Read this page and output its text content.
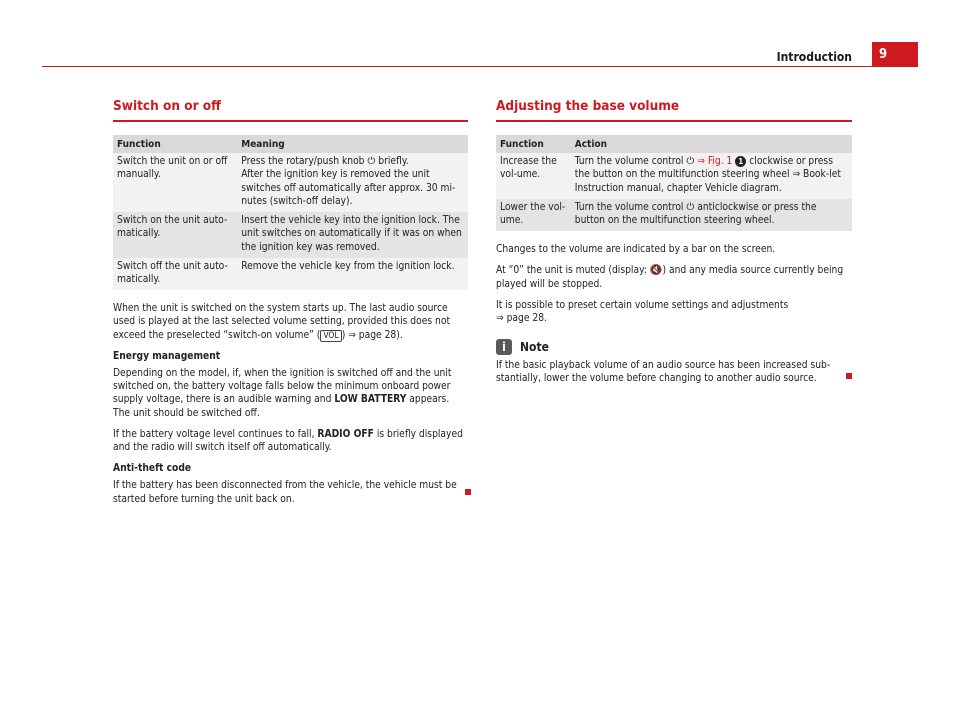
Introduction	9
Switch on or off
Function	Meaning
Switch the unit on or off manually.	Press the rotary/push knob ⏻ briefly.
After the ignition key is removed the unit switches off automatically after approx. 30 mi-nutes (switch-off delay).
Switch on the unit auto-matically.	Insert the vehicle key into the ignition lock. The unit switches on automatically if it was on when the ignition key was removed.
Switch off the unit auto-matically.	Remove the vehicle key from the ignition lock.

When the unit is switched on the system starts up. The last audio source used is played at the last selected volume setting, provided this does not exceed the preselected “switch-on volume” ( VOL ) ⇒ page 28).

Energy management

Depending on the model, if, when the ignition is switched off and the unit switched on, the battery voltage falls below the minimum onboard power supply voltage, there is an audible warning and LOW BATTERY appears. The unit should be switched off.

If the battery voltage level continues to fall, RADIO OFF is briefly displayed and the radio will switch itself off automatically.

Anti-theft code

If the battery has been disconnected from the vehicle, the vehicle must be started before turning the unit back on.

Adjusting the base volume
Function	Action
Increase the vol-ume.	Turn the volume control ⏻ ⇒ Fig. 1 1 clockwise or press the button on the multifunction steering wheel ⇒ Book-let Instruction manual, chapter Vehicle diagram.
Lower the vol-ume.	Turn the volume control ⏻ anticlockwise or press the button on the multifunction steering wheel.

Changes to the volume are indicated by a bar on the screen.

At “0” the unit is muted (display: 🔇) and any media source currently being played will be stopped.

It is possible to preset certain volume settings and adjustments ⇒ page 28.

i	Note

If the basic playback volume of an audio source has been increased sub-stantially, lower the volume before changing to another audio source.
